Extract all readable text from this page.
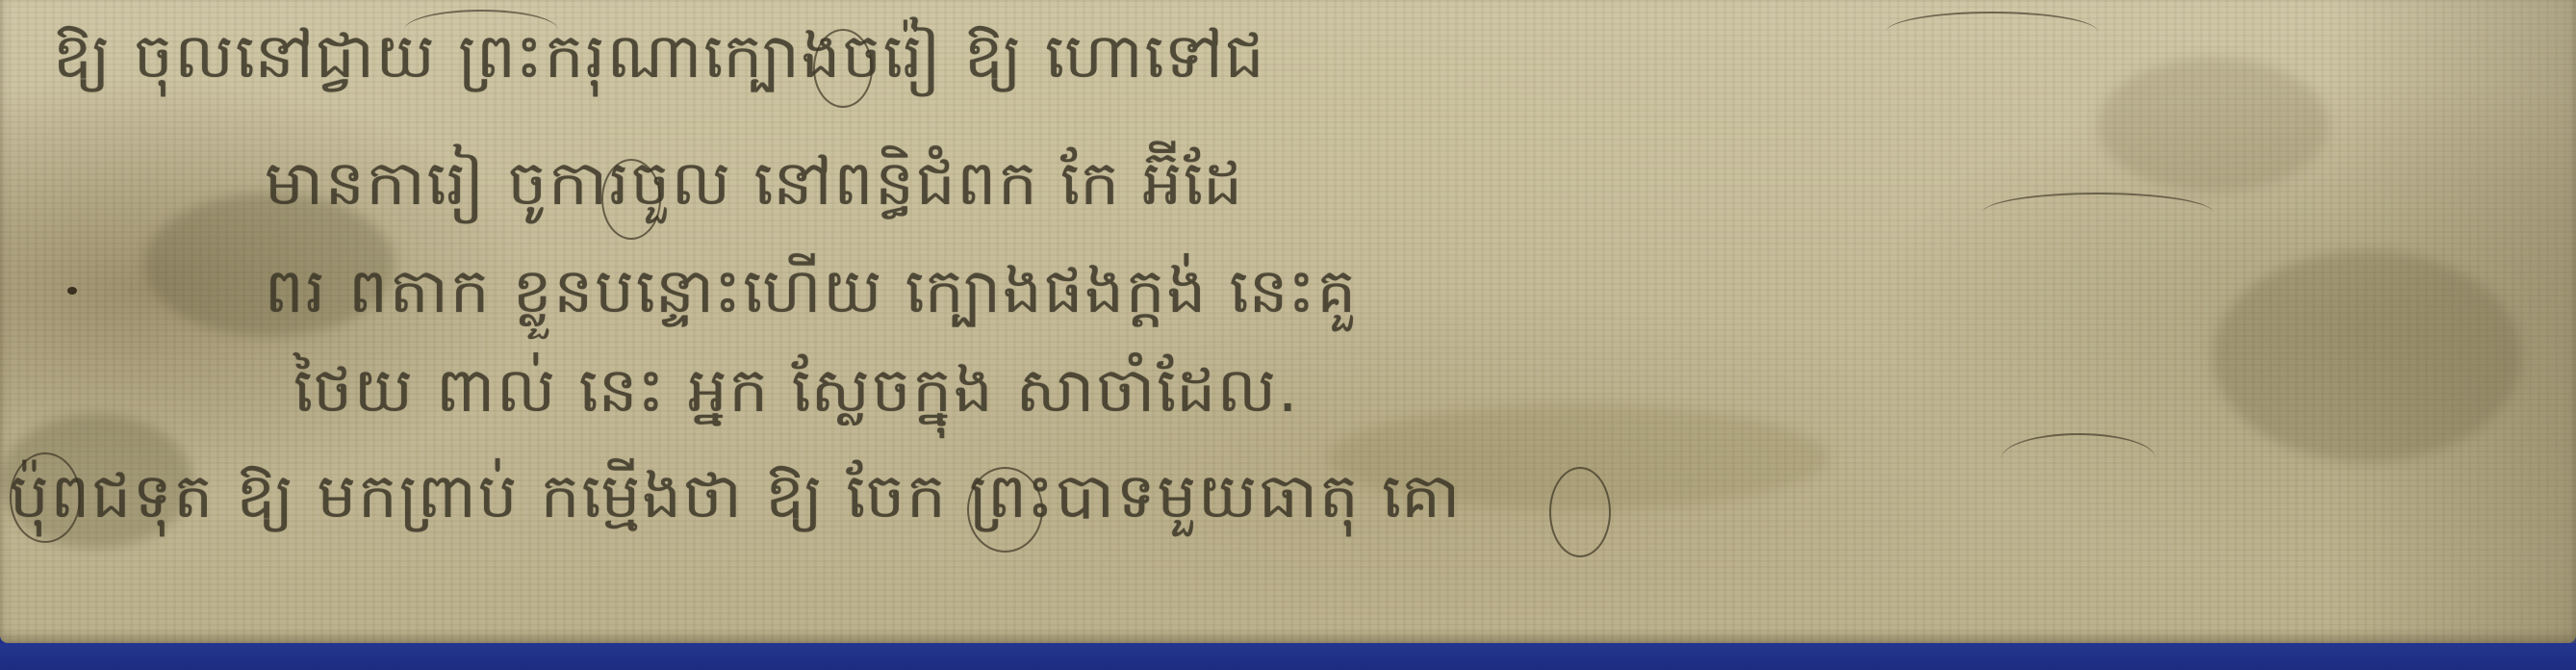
ឱ្យ ចុលនៅជ្វាយ ព្រះករុណាក្បោងចរ៉ៀ ឱ្យ ហោទៅជ
មានការៀ ចូការចួល នៅពន្ធិជំពក កែ អ៊ីដែ
ពរ ពតាក ខ្លួនបន្ទោះហើយ ក្បោងផងក្ដង់ នេះគួ
ថៃយ ពាល់ នេះ អ្នក ស្លែចក្នុង សាចាំដែល.
ប៉ុពជទុត ឱ្យ មកព្រាប់ កម្មើងថា ឱ្យ ចែក ព្រះបាទមួយធាតុ គោ
